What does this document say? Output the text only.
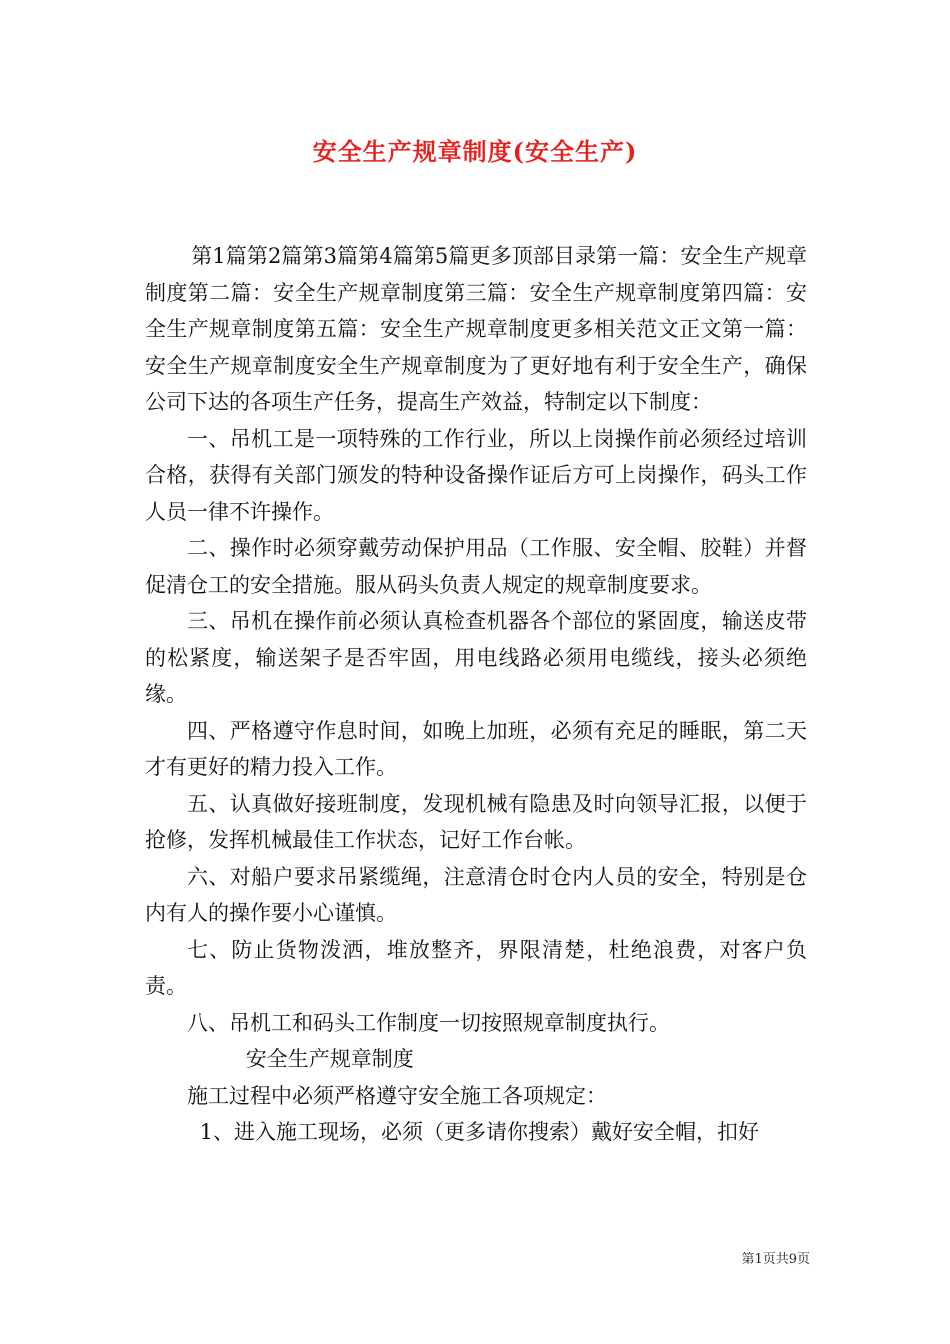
安全生产规章制度(安全生产)

第1篇第2篇第3篇第4篇第5篇更多顶部目录第一篇：安全生产规章制度第二篇：安全生产规章制度第三篇：安全生产规章制度第四篇：安全生产规章制度第五篇：安全生产规章制度更多相关范文正文第一篇：安全生产规章制度安全生产规章制度为了更好地有利于安全生产，确保公司下达的各项生产任务，提高生产效益，特制定以下制度：

一、吊机工是一项特殊的工作行业，所以上岗操作前必须经过培训合格，获得有关部门颁发的特种设备操作证后方可上岗操作，码头工作人员一律不许操作。

二、操作时必须穿戴劳动保护用品（工作服、安全帽、胶鞋）并督促清仓工的安全措施。服从码头负责人规定的规章制度要求。

三、吊机在操作前必须认真检查机器各个部位的紧固度，输送皮带的松紧度，输送架子是否牢固，用电线路必须用电缆线，接头必须绝缘。

四、严格遵守作息时间，如晚上加班，必须有充足的睡眠，第二天才有更好的精力投入工作。

五、认真做好接班制度，发现机械有隐患及时向领导汇报，以便于抢修，发挥机械最佳工作状态，记好工作台帐。

六、对船户要求吊紧缆绳，注意清仓时仓内人员的安全，特别是仓内有人的操作要小心谨慎。

七、防止货物泼洒，堆放整齐，界限清楚，杜绝浪费，对客户负责。

八、吊机工和码头工作制度一切按照规章制度执行。

安全生产规章制度

施工过程中必须严格遵守安全施工各项规定：

1、进入施工现场，必须（更多请你搜索）戴好安全帽，扣好

第1页共9页
